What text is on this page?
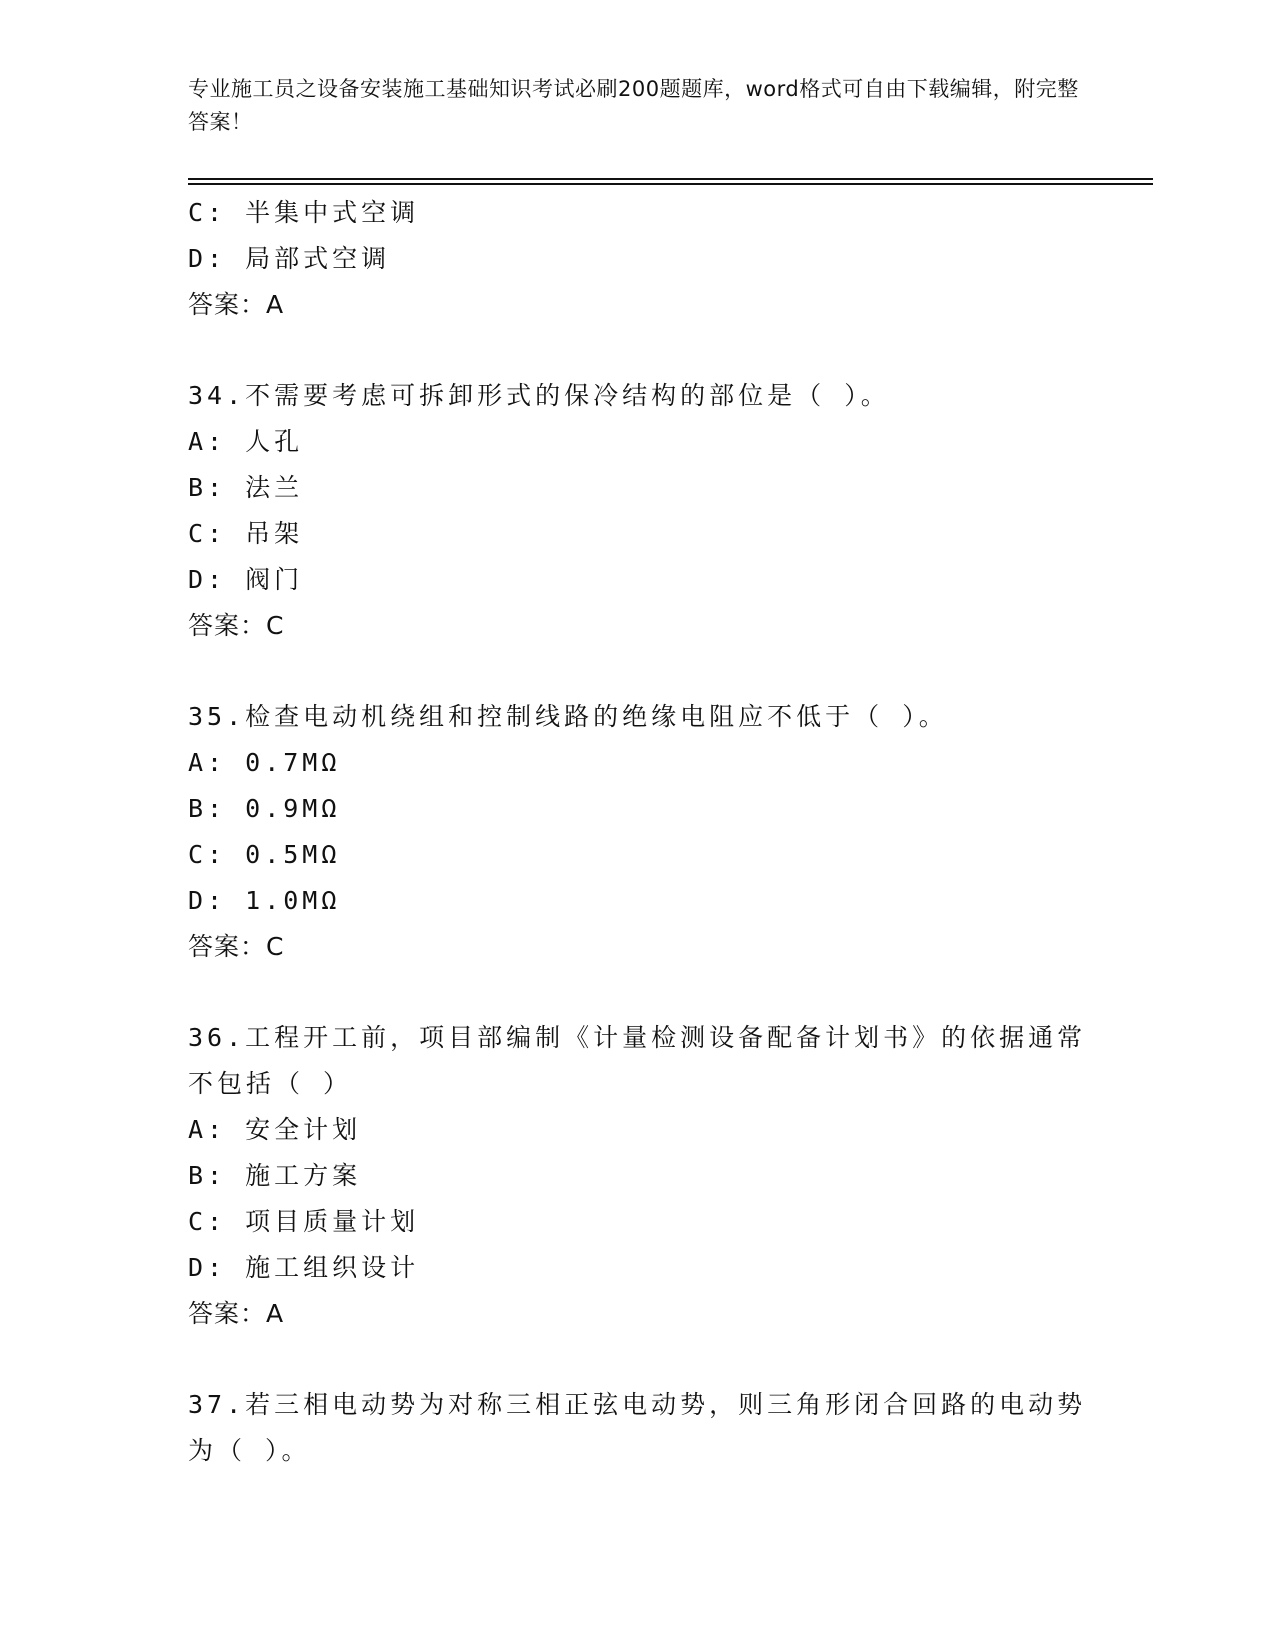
专业施工员之设备安装施工基础知识考试必刷200题题库，word格式可自由下载编辑，附完整答案！
C: 半集中式空调
D: 局部式空调
答案：A
34.不需要考虑可拆卸形式的保冷结构的部位是（ ）。
A: 人孔
B: 法兰
C: 吊架
D: 阀门
答案：C
35.检查电动机绕组和控制线路的绝缘电阻应不低于（ ）。
A: 0.7MΩ
B: 0.9MΩ
C: 0.5MΩ
D: 1.0MΩ
答案：C
36.工程开工前，项目部编制《计量检测设备配备计划书》的依据通常
不包括（ ）
A: 安全计划
B: 施工方案
C: 项目质量计划
D: 施工组织设计
答案：A
37.若三相电动势为对称三相正弦电动势，则三角形闭合回路的电动势
为（ ）。
